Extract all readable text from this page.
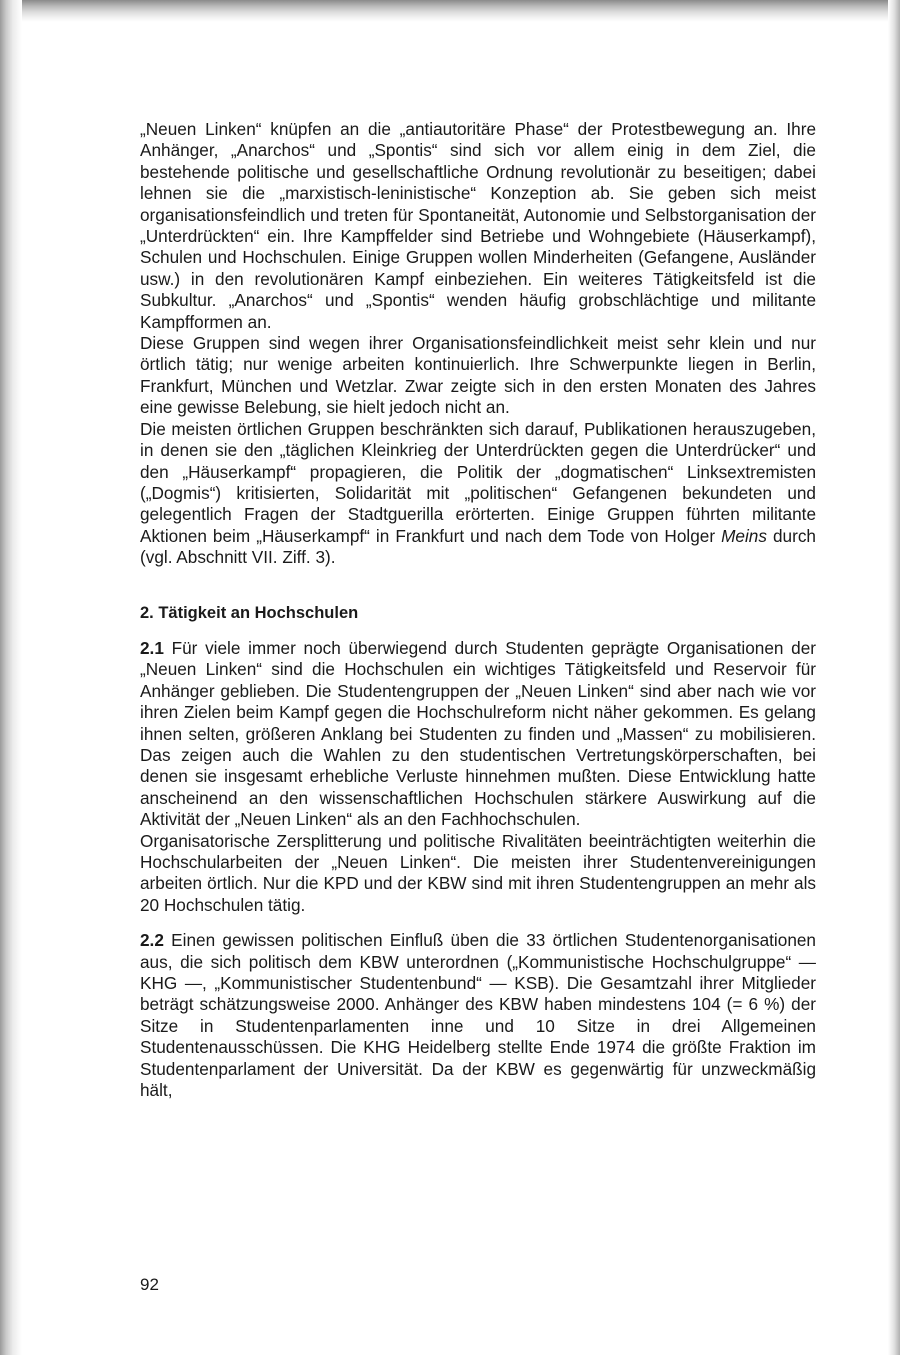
„Neuen Linken“ knüpfen an die „antiautoritäre Phase“ der Protestbewegung an. Ihre Anhänger, „Anarchos“ und „Spontis“ sind sich vor allem einig in dem Ziel, die bestehende politische und gesellschaftliche Ordnung revolutionär zu beseitigen; dabei lehnen sie die „marxistisch-leninistische“ Konzeption ab. Sie geben sich meist organisationsfeindlich und treten für Spontaneität, Autonomie und Selbstorganisation der „Unterdrückten“ ein. Ihre Kampffelder sind Betriebe und Wohngebiete (Häuserkampf), Schulen und Hochschulen. Einige Gruppen wollen Minderheiten (Gefangene, Ausländer usw.) in den revolutionären Kampf einbeziehen. Ein weiteres Tätigkeitsfeld ist die Subkultur. „Anarchos“ und „Spontis“ wenden häufig grobschlächtige und militante Kampfformen an.

Diese Gruppen sind wegen ihrer Organisationsfeindlichkeit meist sehr klein und nur örtlich tätig; nur wenige arbeiten kontinuierlich. Ihre Schwerpunkte liegen in Berlin, Frankfurt, München und Wetzlar. Zwar zeigte sich in den ersten Monaten des Jahres eine gewisse Belebung, sie hielt jedoch nicht an.

Die meisten örtlichen Gruppen beschränkten sich darauf, Publikationen herauszugeben, in denen sie den „täglichen Kleinkrieg der Unterdrückten gegen die Unterdrücker“ und den „Häuserkampf“ propagieren, die Politik der „dogmatischen“ Linksextremisten („Dogmis“) kritisierten, Solidarität mit „politischen“ Gefangenen bekundeten und gelegentlich Fragen der Stadtguerilla erörterten. Einige Gruppen führten militante Aktionen beim „Häuserkampf“ in Frankfurt und nach dem Tode von Holger Meins durch (vgl. Abschnitt VII. Ziff. 3).

2. Tätigkeit an Hochschulen

2.1 Für viele immer noch überwiegend durch Studenten geprägte Organisationen der „Neuen Linken“ sind die Hochschulen ein wichtiges Tätigkeitsfeld und Reservoir für Anhänger geblieben. Die Studentengruppen der „Neuen Linken“ sind aber nach wie vor ihren Zielen beim Kampf gegen die Hochschulreform nicht näher gekommen. Es gelang ihnen selten, größeren Anklang bei Studenten zu finden und „Massen“ zu mobilisieren. Das zeigen auch die Wahlen zu den studentischen Vertretungskörperschaften, bei denen sie insgesamt erhebliche Verluste hinnehmen mußten. Diese Entwicklung hatte anscheinend an den wissenschaftlichen Hochschulen stärkere Auswirkung auf die Aktivität der „Neuen Linken“ als an den Fachhochschulen.

Organisatorische Zersplitterung und politische Rivalitäten beeinträchtigten weiterhin die Hochschularbeiten der „Neuen Linken“. Die meisten ihrer Studentenvereinigungen arbeiten örtlich. Nur die KPD und der KBW sind mit ihren Studentengruppen an mehr als 20 Hochschulen tätig.

2.2 Einen gewissen politischen Einfluß üben die 33 örtlichen Studentenorganisationen aus, die sich politisch dem KBW unterordnen („Kommunistische Hochschulgruppe“ — KHG —, „Kommunistischer Studentenbund“ — KSB). Die Gesamtzahl ihrer Mitglieder beträgt schätzungsweise 2000. Anhänger des KBW haben mindestens 104 (= 6 %) der Sitze in Studentenparlamenten inne und 10 Sitze in drei Allgemeinen Studentenausschüssen. Die KHG Heidelberg stellte Ende 1974 die größte Fraktion im Studentenparlament der Universität. Da der KBW es gegenwärtig für unzweckmäßig hält,

92
